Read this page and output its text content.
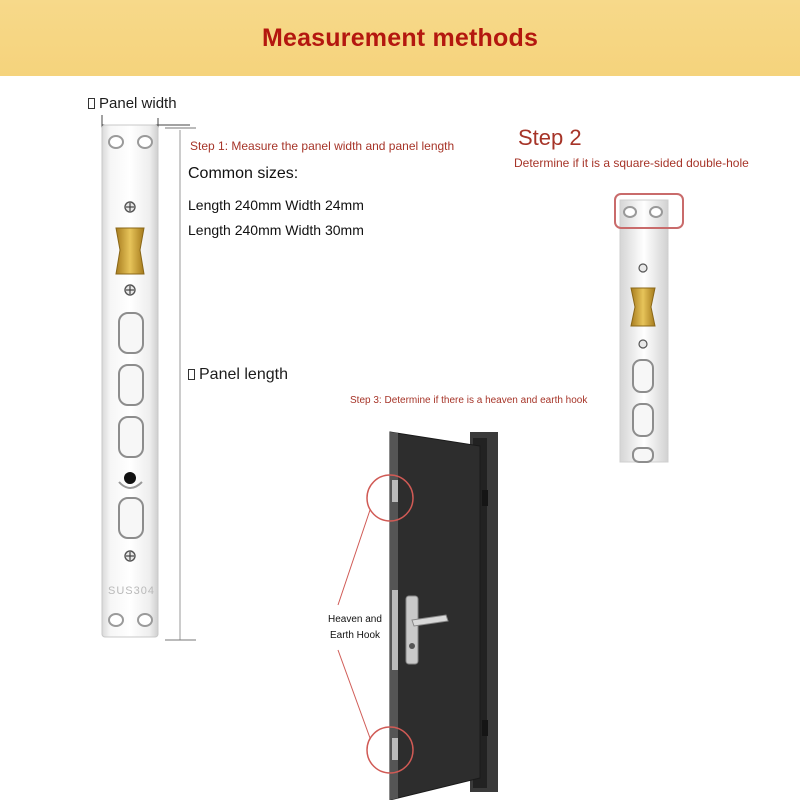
Measurement methods
Panel width
SUS304
Step 1: Measure the panel width and panel length
Common sizes:
Length 240mm Width 24mm
Length 240mm Width 30mm
Panel length
Step 2
Determine if it is a square-sided double-hole
Step 3: Determine if there is a heaven and earth hook
Heaven and
Earth Hook
